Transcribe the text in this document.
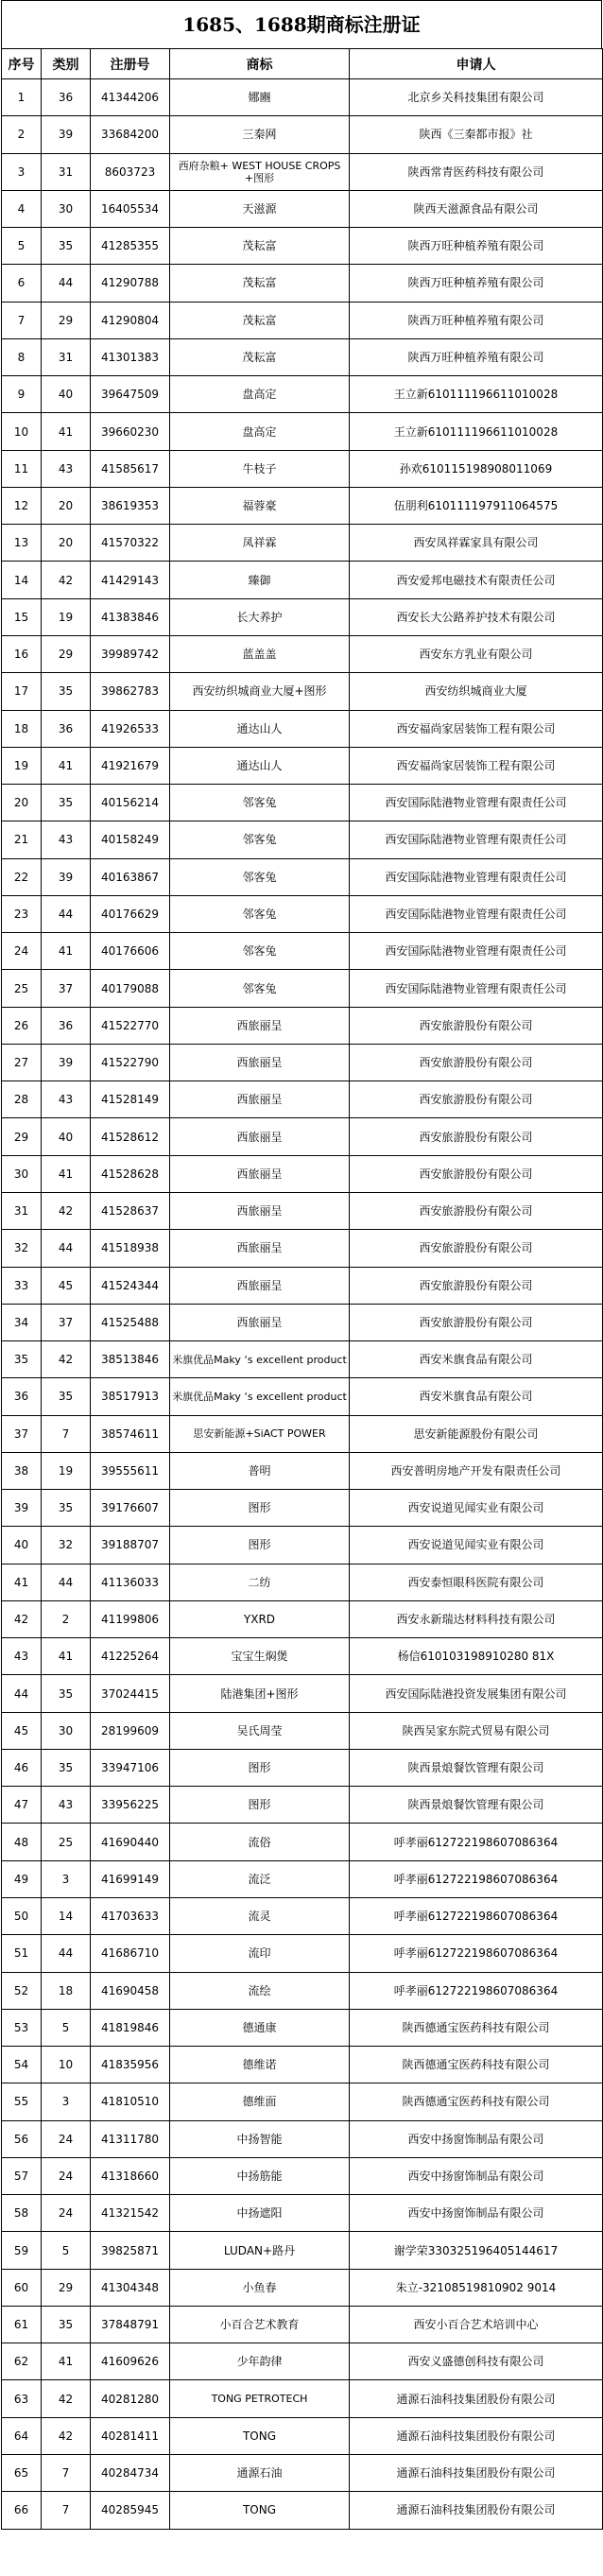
1685、1688期商标注册证
序号	类别	注册号	商标	申请人
1	36	41344206	娜豳	北京乡关科技集团有限公司
2	39	33684200	三秦网	陕西《三秦都市报》社
3	31	8603723	西府杂粮+ WEST HOUSE CROPS +图形	陕西常青医药科技有限公司
4	30	16405534	天滋源	陕西天滋源食品有限公司
5	35	41285355	茂耘富	陕西万旺种植养殖有限公司
6	44	41290788	茂耘富	陕西万旺种植养殖有限公司
7	29	41290804	茂耘富	陕西万旺种植养殖有限公司
8	31	41301383	茂耘富	陕西万旺种植养殖有限公司
9	40	39647509	盘高定	王立新610111196611010028
10	41	39660230	盘高定	王立新610111196611010028
11	43	41585617	牛枝子	孙欢610115198908011069
12	20	38619353	福蓉豪	伍朋利610111197911064575
13	20	41570322	凤祥霖	西安凤祥霖家具有限公司
14	42	41429143	臻御	西安爱邦电磁技术有限责任公司
15	19	41383846	长大养护	西安长大公路养护技术有限公司
16	29	39989742	蓝盖盖	西安东方乳业有限公司
17	35	39862783	西安纺织城商业大厦+图形	西安纺织城商业大厦
18	36	41926533	通达山人	西安福尚家居装饰工程有限公司
19	41	41921679	通达山人	西安福尚家居装饰工程有限公司
20	35	40156214	邻客兔	西安国际陆港物业管理有限责任公司
21	43	40158249	邻客兔	西安国际陆港物业管理有限责任公司
22	39	40163867	邻客兔	西安国际陆港物业管理有限责任公司
23	44	40176629	邻客兔	西安国际陆港物业管理有限责任公司
24	41	40176606	邻客兔	西安国际陆港物业管理有限责任公司
25	37	40179088	邻客兔	西安国际陆港物业管理有限责任公司
26	36	41522770	西旅丽呈	西安旅游股份有限公司
27	39	41522790	西旅丽呈	西安旅游股份有限公司
28	43	41528149	西旅丽呈	西安旅游股份有限公司
29	40	41528612	西旅丽呈	西安旅游股份有限公司
30	41	41528628	西旅丽呈	西安旅游股份有限公司
31	42	41528637	西旅丽呈	西安旅游股份有限公司
32	44	41518938	西旅丽呈	西安旅游股份有限公司
33	45	41524344	西旅丽呈	西安旅游股份有限公司
34	37	41525488	西旅丽呈	西安旅游股份有限公司
35	42	38513846	米旗优品Maky ‘s excellent product	西安米旗食品有限公司
36	35	38517913	米旗优品Maky ‘s excellent product	西安米旗食品有限公司
37	7	38574611	思安新能源+SiACT POWER	思安新能源股份有限公司
38	19	39555611	普明	西安普明房地产开发有限责任公司
39	35	39176607	图形	西安说道见闻实业有限公司
40	32	39188707	图形	西安说道见闻实业有限公司
41	44	41136033	二纺	西安泰恒眼科医院有限公司
42	2	41199806	YXRD	西安永新瑞达材料科技有限公司
43	41	41225264	宝宝生焖煲	杨信610103198910280 81X
44	35	37024415	陆港集团+图形	西安国际陆港投资发展集团有限公司
45	30	28199609	吴氏周莹	陕西吴家东院式贸易有限公司
46	35	33947106	图形	陕西景烺餐饮管理有限公司
47	43	33956225	图形	陕西景烺餐饮管理有限公司
48	25	41690440	流俗	呼孝丽612722198607086364
49	3	41699149	流泛	呼孝丽612722198607086364
50	14	41703633	流灵	呼孝丽612722198607086364
51	44	41686710	流印	呼孝丽612722198607086364
52	18	41690458	流绘	呼孝丽612722198607086364
53	5	41819846	德通康	陕西德通宝医药科技有限公司
54	10	41835956	德维诺	陕西德通宝医药科技有限公司
55	3	41810510	德维面	陕西德通宝医药科技有限公司
56	24	41311780	中扬智能	西安中扬窗饰制品有限公司
57	24	41318660	中扬筋能	西安中扬窗饰制品有限公司
58	24	41321542	中扬遮阳	西安中扬窗饰制品有限公司
59	5	39825871	LUDAN+路丹	谢学荣330325196405144617
60	29	41304348	小鱼春	朱立-32108519810902 9014
61	35	37848791	小百合艺术教育	西安小百合艺术培训中心
62	41	41609626	少年韵律	西安义盛德创科技有限公司
63	42	40281280	TONG PETROTECH	通源石油科技集团股份有限公司
64	42	40281411	TONG	通源石油科技集团股份有限公司
65	7	40284734	通源石油	通源石油科技集团股份有限公司
66	7	40285945	TONG	通源石油科技集团股份有限公司
